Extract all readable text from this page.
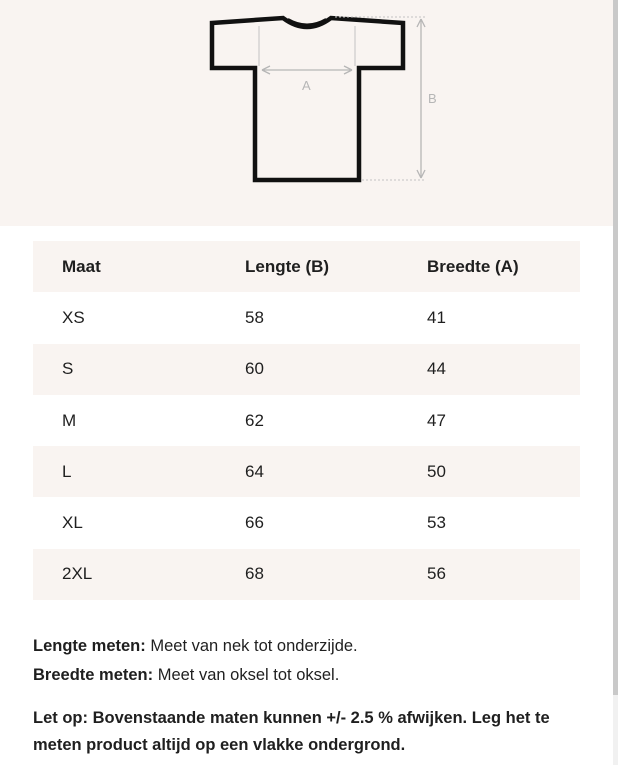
A
B
Maat	Lengte (B)	Breedte (A)
XS	58	41
S	60	44
M	62	47
L	64	50
XL	66	53
2XL	68	56
Lengte meten: Meet van nek tot onderzijde.
Breedte meten: Meet van oksel tot oksel.
Let op: Bovenstaande maten kunnen +/- 2.5 % afwijken. Leg het te meten product altijd op een vlakke ondergrond.
